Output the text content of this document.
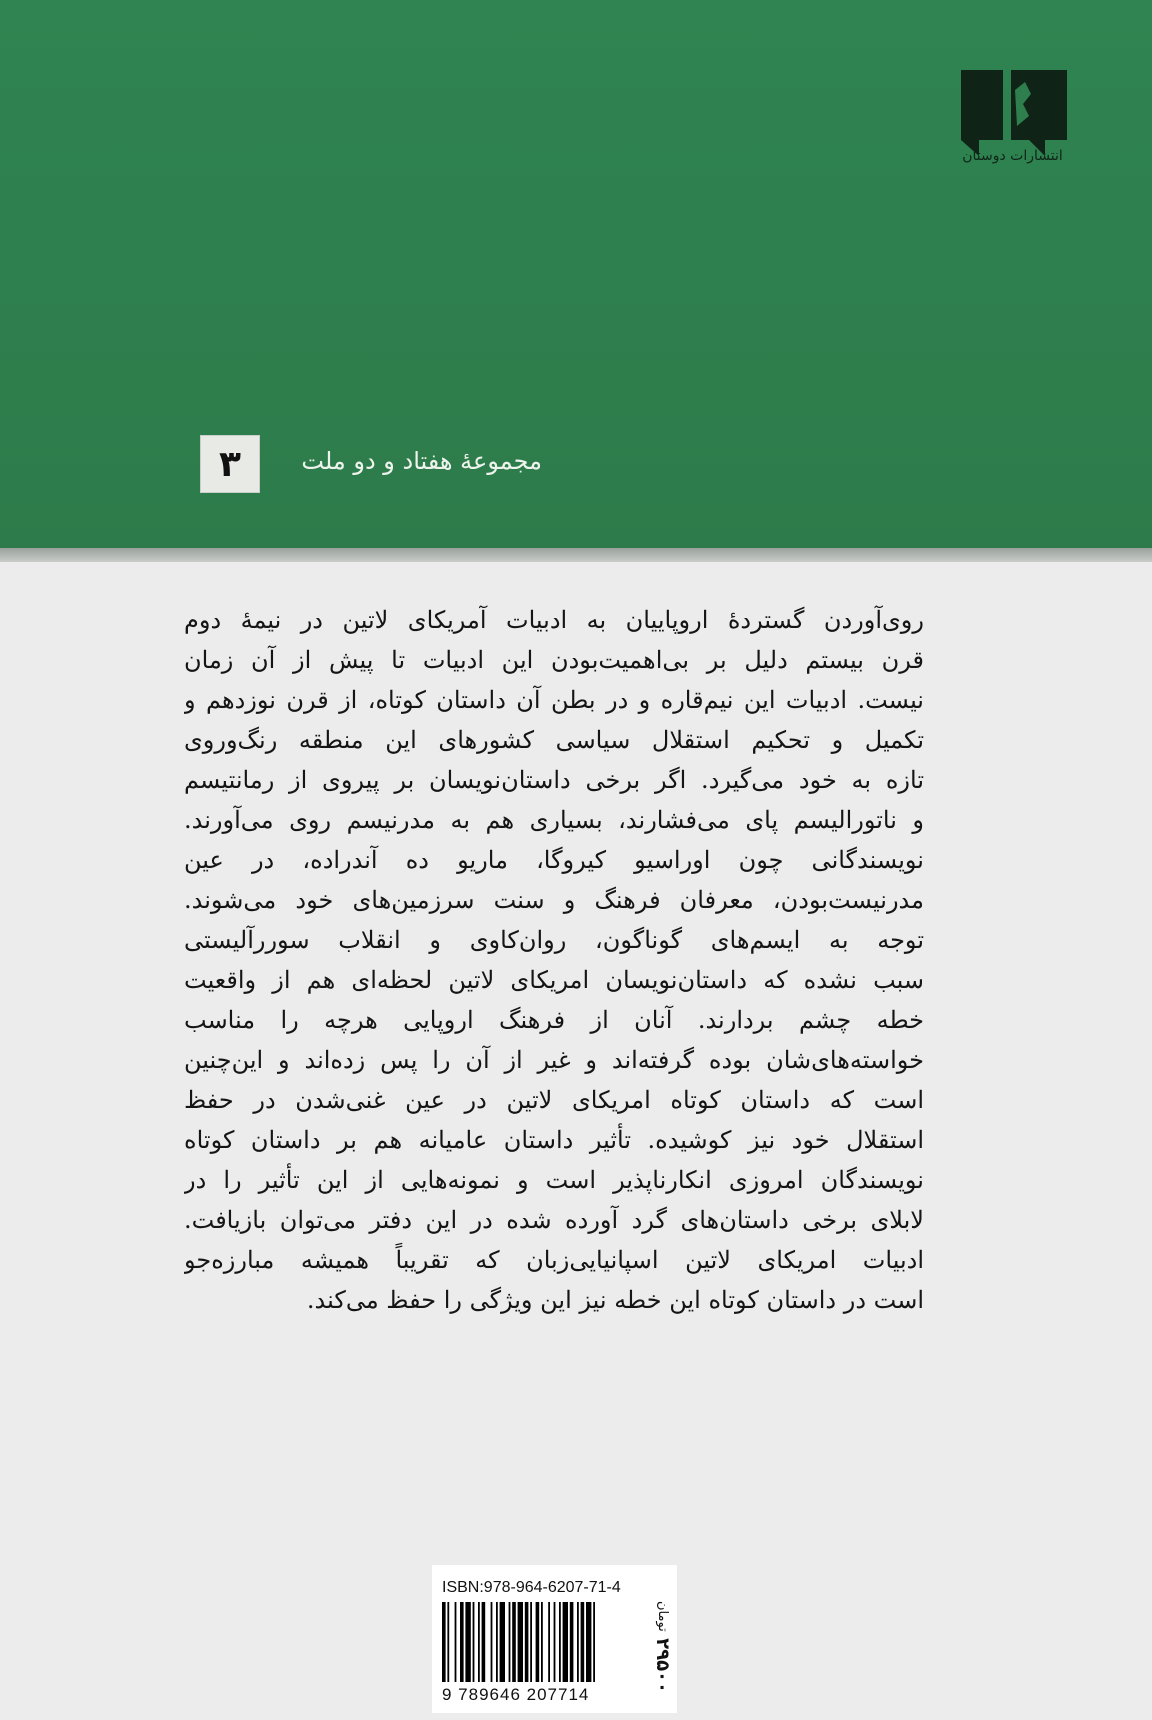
انتشارات دوستان
۳	مجموعهٔ هفتاد و دو ملت
روی‌آوردن گستردهٔ اروپاییان به ادبیات آمریکای لاتین در نیمهٔ دوم
قرن بیستم دلیل بر بی‌اهمیت‌بودن این ادبیات تا پیش از آن زمان
نیست. ادبیات این نیم‌قاره و در بطن آن داستان کوتاه، از قرن نوزدهم و
تکمیل و تحکیم استقلال سیاسی کشورهای این منطقه رنگ‌وروی
تازه به خود می‌گیرد. اگر برخی داستان‌نویسان بر پیروی از رمانتیسم
و ناتورالیسم پای می‌فشارند، بسیاری هم به مدرنیسم روی می‌آورند.
نویسندگانی چون اوراسیو کیروگا، ماریو ده آندراده، در عین
مدرنیست‌بودن، معرفان فرهنگ و سنت سرزمین‌های خود می‌شوند.
توجه به ایسم‌های گوناگون، روان‌کاوی و انقلاب سوررآلیستی
سبب نشده که داستان‌نویسان امریکای لاتین لحظه‌ای هم از واقعیت
خطه چشم بردارند. آنان از فرهنگ اروپایی هرچه را مناسب
خواسته‌های‌شان بوده گرفته‌اند و غیر از آن را پس زده‌اند و این‌چنین
است که داستان کوتاه امریکای لاتین در عین غنی‌شدن در حفظ
استقلال خود نیز کوشیده. تأثیر داستان عامیانه هم بر داستان کوتاه
نویسندگان امروزی انکارناپذیر است و نمونه‌هایی از این تأثیر را در
لابلای برخی داستان‌های گرد آورده شده در این دفتر می‌توان بازیافت.
ادبیات امریکای لاتین اسپانیایی‌زبان که تقریباً همیشه مبارزه‌جو
است در داستان کوتاه این خطه نیز این ویژگی را حفظ می‌کند.
ISBN:978-964-6207-71-4
9 789646 207714
۲۹۵۰۰ تومان
